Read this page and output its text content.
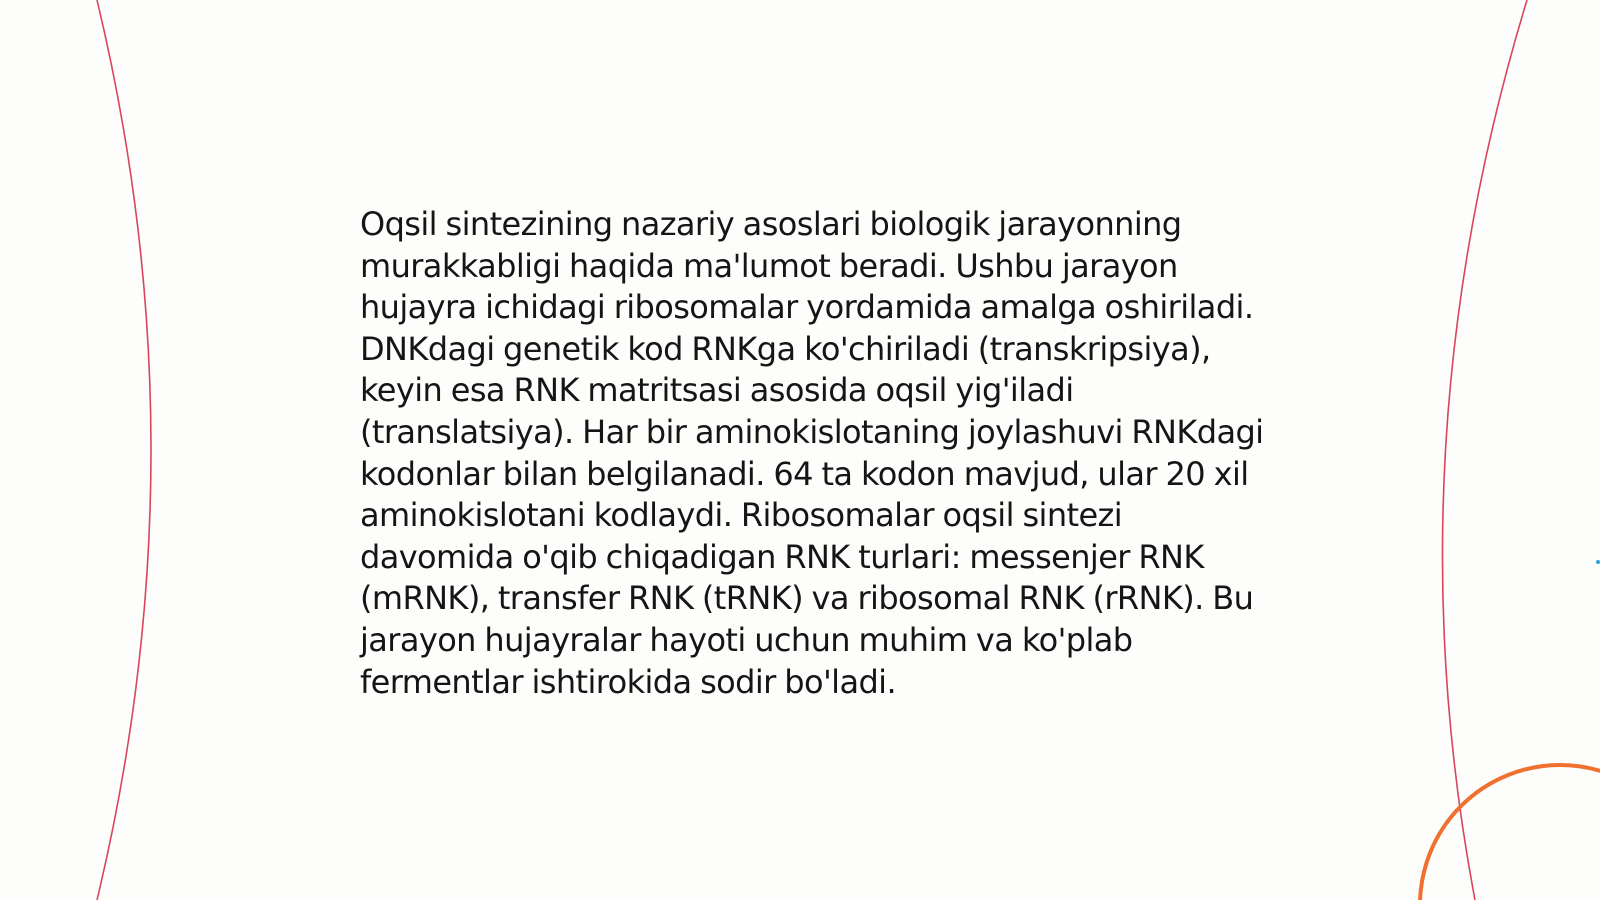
Oqsil sintezining nazariy asoslari biologik jarayonning murakkabligi haqida ma'lumot beradi. Ushbu jarayon hujayra ichidagi ribosomalar yordamida amalga oshiriladi. DNKdagi genetik kod RNKga ko'chiriladi (transkripsiya), keyin esa RNK matritsasi asosida oqsil yig'iladi (translatsiya). Har bir aminokislotaning joylashuvi RNKdagi kodonlar bilan belgilanadi. 64 ta kodon mavjud, ular 20 xil aminokislotani kodlaydi. Ribosomalar oqsil sintezi davomida o'qib chiqadigan RNK turlari: messenjer RNK (mRNK), transfer RNK (tRNK) va ribosomal RNK (rRNK). Bu jarayon hujayralar hayoti uchun muhim va ko'plab fermentlar ishtirokida sodir bo'ladi.
